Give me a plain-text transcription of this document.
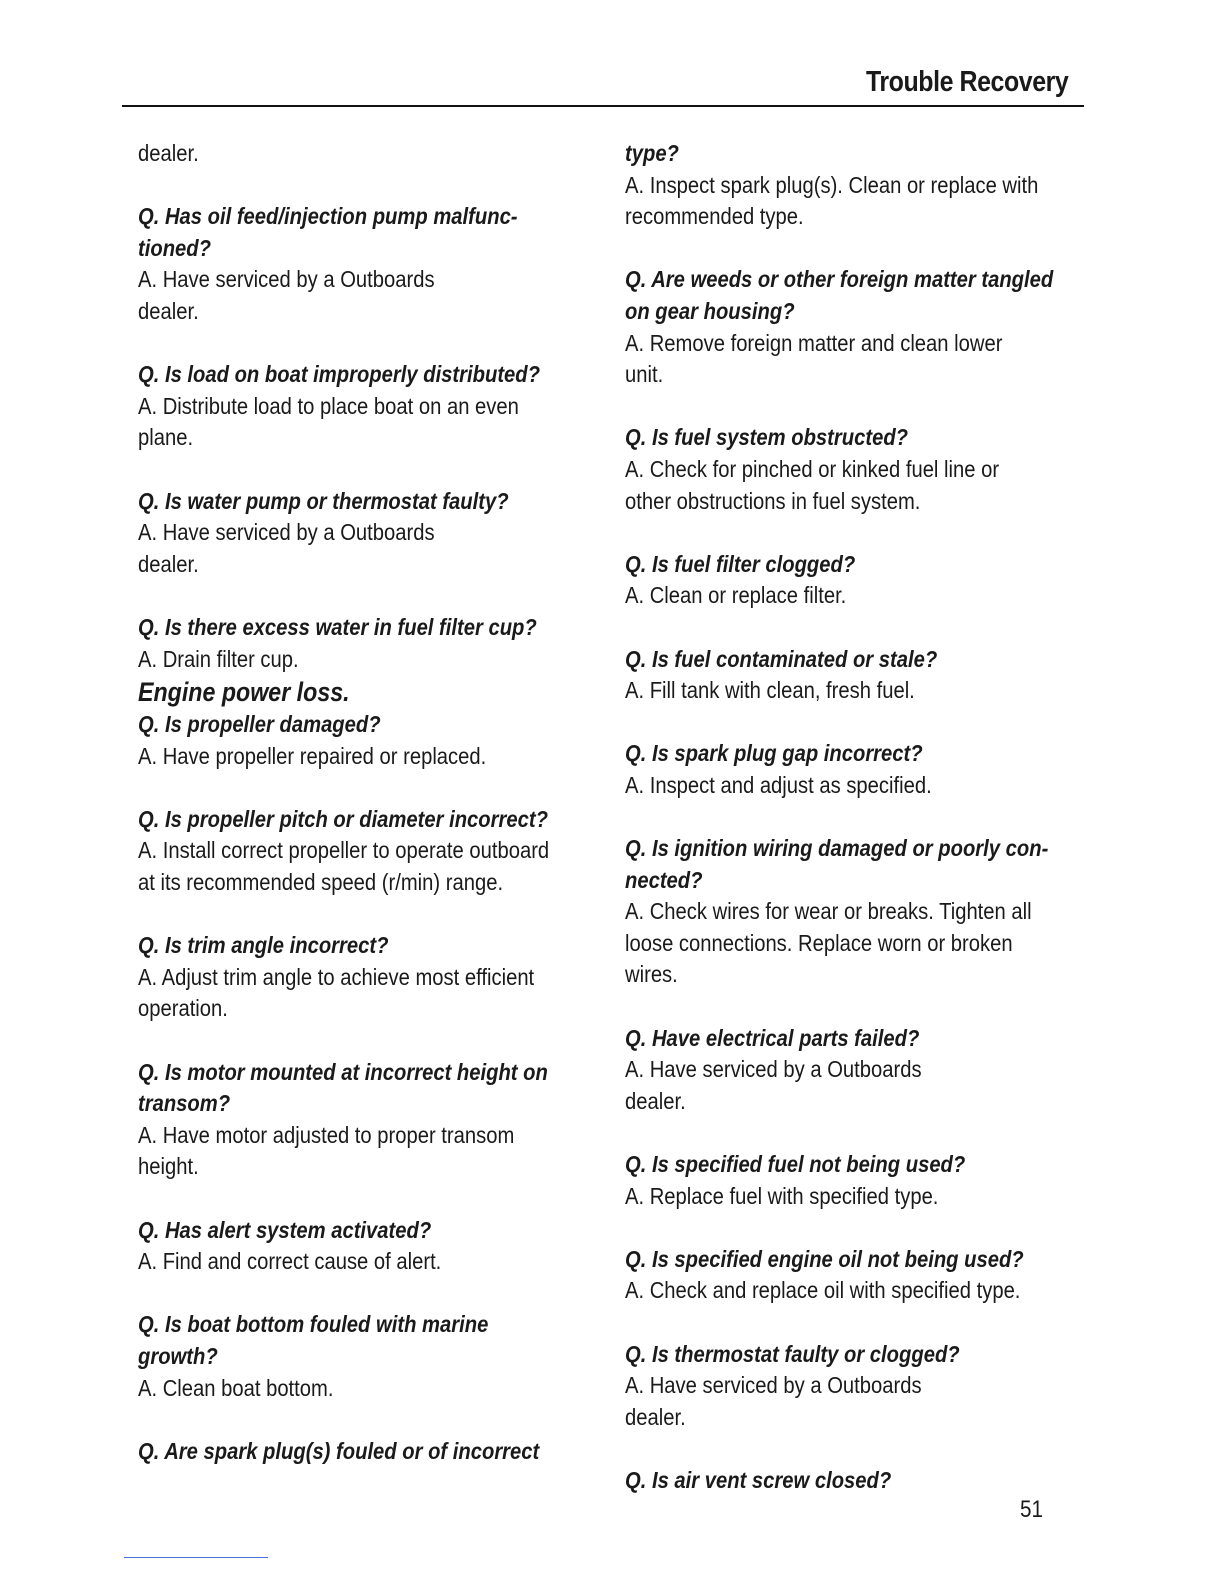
Trouble Recovery
dealer.
Q. Has oil feed/injection pump malfunc-
tioned?
A. Have serviced by a Outboards
dealer.
Q. Is load on boat improperly distributed?
A. Distribute load to place boat on an even
plane.
Q. Is water pump or thermostat faulty?
A. Have serviced by a Outboards
dealer.
Q. Is there excess water in fuel filter cup?
A. Drain filter cup.
Engine power loss.
Q. Is propeller damaged?
A. Have propeller repaired or replaced.
Q. Is propeller pitch or diameter incorrect?
A. Install correct propeller to operate outboard
at its recommended speed (r/min) range.
Q. Is trim angle incorrect?
A. Adjust trim angle to achieve most efficient
operation.
Q. Is motor mounted at incorrect height on
transom?
A. Have motor adjusted to proper transom
height.
Q. Has alert system activated?
A. Find and correct cause of alert.
Q. Is boat bottom fouled with marine
growth?
A. Clean boat bottom.
Q. Are spark plug(s) fouled or of incorrect
type?
A. Inspect spark plug(s). Clean or replace with
recommended type.
Q. Are weeds or other foreign matter tangled
on gear housing?
A. Remove foreign matter and clean lower
unit.
Q. Is fuel system obstructed?
A. Check for pinched or kinked fuel line or
other obstructions in fuel system.
Q. Is fuel filter clogged?
A. Clean or replace filter.
Q. Is fuel contaminated or stale?
A. Fill tank with clean, fresh fuel.
Q. Is spark plug gap incorrect?
A. Inspect and adjust as specified.
Q. Is ignition wiring damaged or poorly con-
nected?
A. Check wires for wear or breaks. Tighten all
loose connections. Replace worn or broken
wires.
Q. Have electrical parts failed?
A. Have serviced by a Outboards
dealer.
Q. Is specified fuel not being used?
A. Replace fuel with specified type.
Q. Is specified engine oil not being used?
A. Check and replace oil with specified type.
Q. Is thermostat faulty or clogged?
A. Have serviced by a Outboards
dealer.
Q. Is air vent screw closed?
51
